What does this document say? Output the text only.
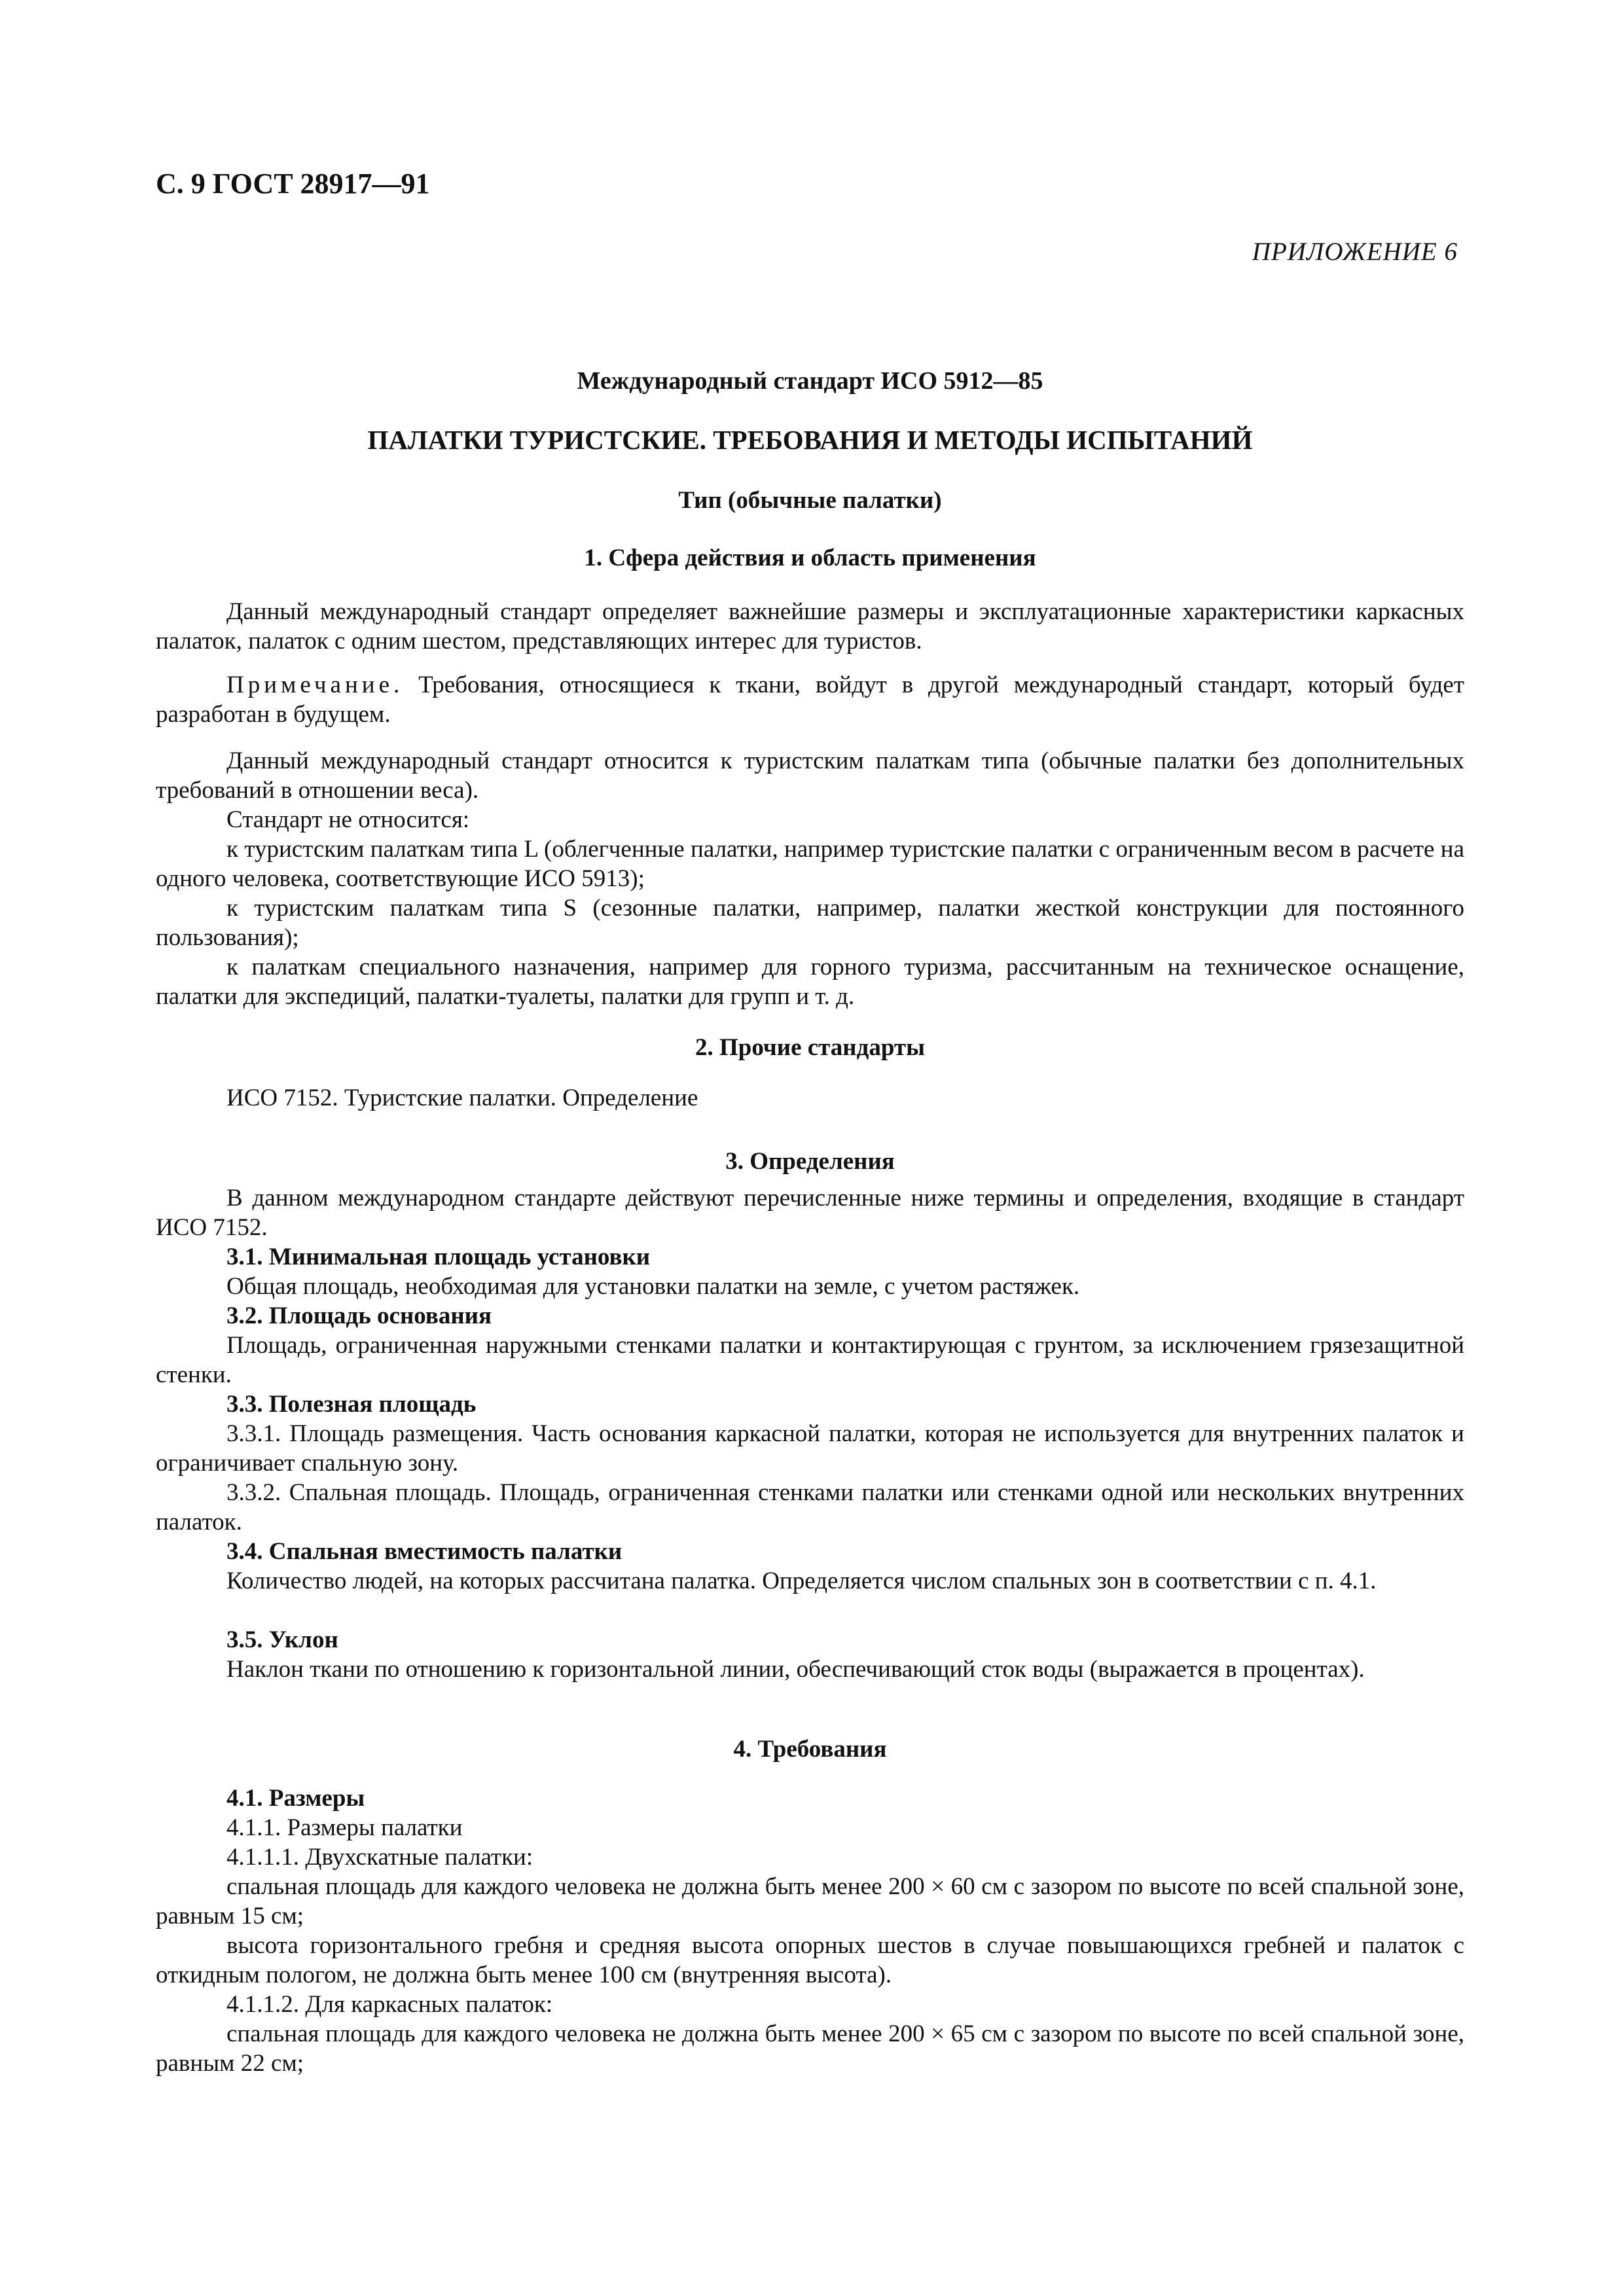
С. 9 ГОСТ 28917—91
ПРИЛОЖЕНИЕ 6
Международный стандарт ИСО 5912—85
ПАЛАТКИ ТУРИСТСКИЕ. ТРЕБОВАНИЯ И МЕТОДЫ ИСПЫТАНИЙ
Тип (обычные палатки)
1. Сфера действия и область применения
Данный международный стандарт определяет важнейшие размеры и эксплуатационные характеристики каркасных палаток, палаток с одним шестом, представляющих интерес для туристов.
Примечание. Требования, относящиеся к ткани, войдут в другой международный стандарт, который будет разработан в будущем.
Данный международный стандарт относится к туристским палаткам типа (обычные палатки без дополнительных требований в отношении веса).
Стандарт не относится:
к туристским палаткам типа L (облегченные палатки, например туристские палатки с ограниченным весом в расчете на одного человека, соответствующие ИСО 5913);
к туристским палаткам типа S (сезонные палатки, например, палатки жесткой конструкции для постоянного пользования);
к палаткам специального назначения, например для горного туризма, рассчитанным на техническое оснащение, палатки для экспедиций, палатки-туалеты, палатки для групп и т. д.
2. Прочие стандарты
ИСО 7152. Туристские палатки. Определение
3. Определения
В данном международном стандарте действуют перечисленные ниже термины и определения, входящие в стандарт ИСО 7152.
3.1. Минимальная площадь установки
Общая площадь, необходимая для установки палатки на земле, с учетом растяжек.
3.2. Площадь основания
Площадь, ограниченная наружными стенками палатки и контактирующая с грунтом, за исключением грязезащитной стенки.
3.3. Полезная площадь
3.3.1. Площадь размещения. Часть основания каркасной палатки, которая не используется для внутренних палаток и ограничивает спальную зону.
3.3.2. Спальная площадь. Площадь, ограниченная стенками палатки или стенками одной или нескольких внутренних палаток.
3.4. Спальная вместимость палатки
Количество людей, на которых рассчитана палатка. Определяется числом спальных зон в соответствии с п. 4.1.
3.5. Уклон
Наклон ткани по отношению к горизонтальной линии, обеспечивающий сток воды (выражается в процентах).
4. Требования
4.1. Размеры
4.1.1. Размеры палатки
4.1.1.1. Двухскатные палатки:
спальная площадь для каждого человека не должна быть менее 200 × 60 см с зазором по высоте по всей спальной зоне, равным 15 см;
высота горизонтального гребня и средняя высота опорных шестов в случае повышающихся гребней и палаток с откидным пологом, не должна быть менее 100 см (внутренняя высота).
4.1.1.2. Для каркасных палаток:
спальная площадь для каждого человека не должна быть менее 200 × 65 см с зазором по высоте по всей спальной зоне, равным 22 см;
